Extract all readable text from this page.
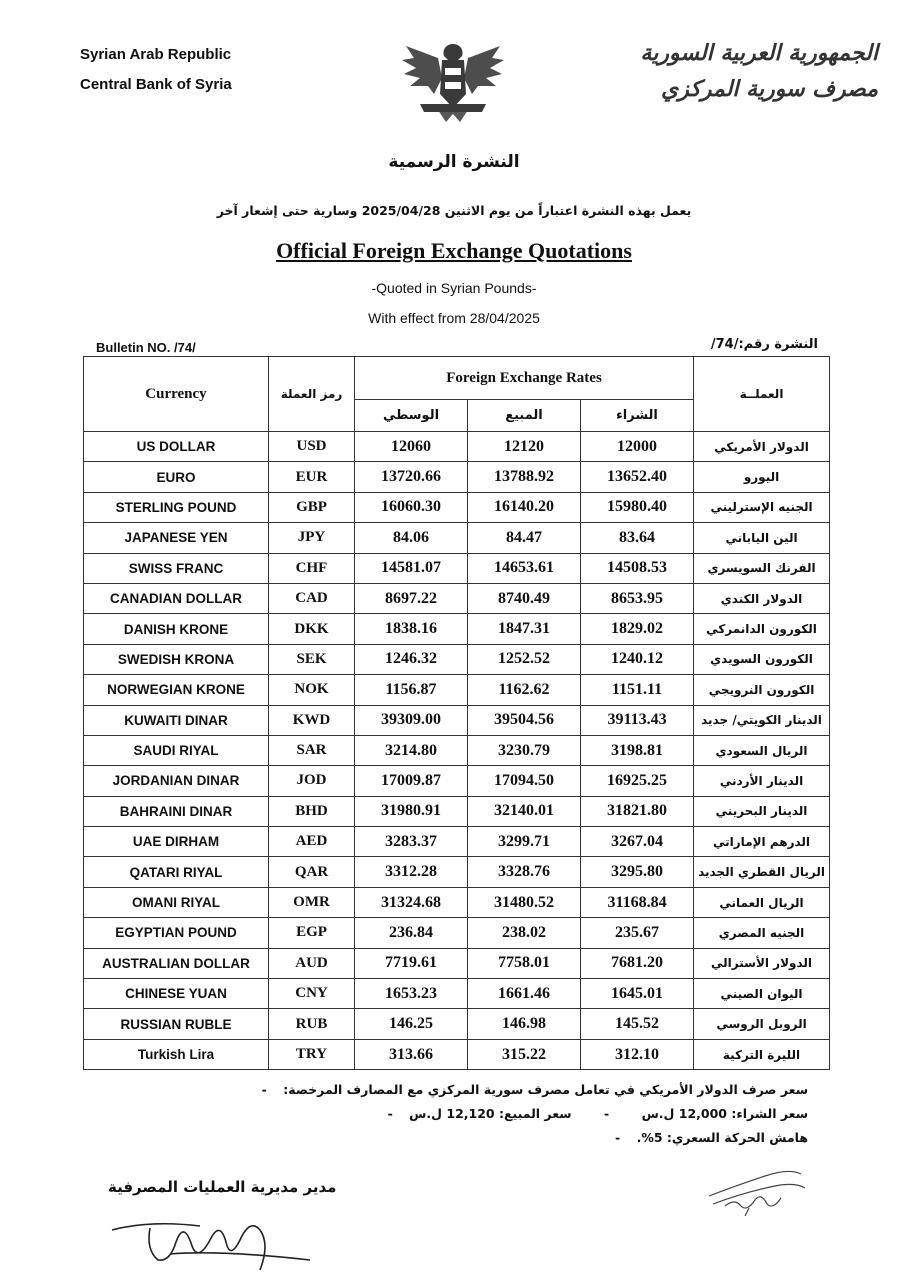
Syrian Arab Republic
Central Bank of Syria
الجمهورية العربية السورية
مصرف سورية المركزي
النشرة الرسمية
يعمل بهذه النشرة اعتباراً من يوم الاثنين 2025/04/28 وسارية حتى إشعار آخر
Official Foreign Exchange Quotations
-Quoted in Syrian Pounds-
With effect from 28/04/2025
Bulletin NO. /74/	النشرة رقم:/74/
Currency	رمز العملة	Foreign Exchange Rates			العملــة
		الوسطي	المبيع	الشراء	
US DOLLAR	USD	12060	12120	12000	الدولار الأمريكي
EURO	EUR	13720.66	13788.92	13652.40	اليورو
STERLING POUND	GBP	16060.30	16140.20	15980.40	الجنيه الإسترليني
JAPANESE YEN	JPY	84.06	84.47	83.64	الين الياباني
SWISS FRANC	CHF	14581.07	14653.61	14508.53	الفرنك السويسري
CANADIAN DOLLAR	CAD	8697.22	8740.49	8653.95	الدولار الكندي
DANISH KRONE	DKK	1838.16	1847.31	1829.02	الكورون الدانمركي
SWEDISH KRONA	SEK	1246.32	1252.52	1240.12	الكورون السويدي
NORWEGIAN KRONE	NOK	1156.87	1162.62	1151.11	الكورون النرويجي
KUWAITI DINAR	KWD	39309.00	39504.56	39113.43	الدينار الكويتي/ جديد
SAUDI RIYAL	SAR	3214.80	3230.79	3198.81	الريال السعودي
JORDANIAN DINAR	JOD	17009.87	17094.50	16925.25	الدينار الأردني
BAHRAINI DINAR	BHD	31980.91	32140.01	31821.80	الدينار البحريني
UAE DIRHAM	AED	3283.37	3299.71	3267.04	الدرهم الإماراتي
QATARI RIYAL	QAR	3312.28	3328.76	3295.80	الريال القطري الجديد
OMANI RIYAL	OMR	31324.68	31480.52	31168.84	الريال العماني
EGYPTIAN POUND	EGP	236.84	238.02	235.67	الجنيه المصري
AUSTRALIAN DOLLAR	AUD	7719.61	7758.01	7681.20	الدولار الأسترالي
CHINESE YUAN	CNY	1653.23	1661.46	1645.01	اليوان الصيني
RUSSIAN RUBLE	RUB	146.25	146.98	145.52	الروبل الروسي
Turkish Lira	TRY	313.66	315.22	312.10	الليرة التركية
سعر صرف الدولار الأمريكي في تعامل مصرف سورية المركزي مع المصارف المرخصة:-
سعر الشراء: 12,000 ل.س-سعر المبيع: 12,120 ل.س-
هامش الحركة السعري: 5%.-
مدير مديرية العمليات المصرفية
